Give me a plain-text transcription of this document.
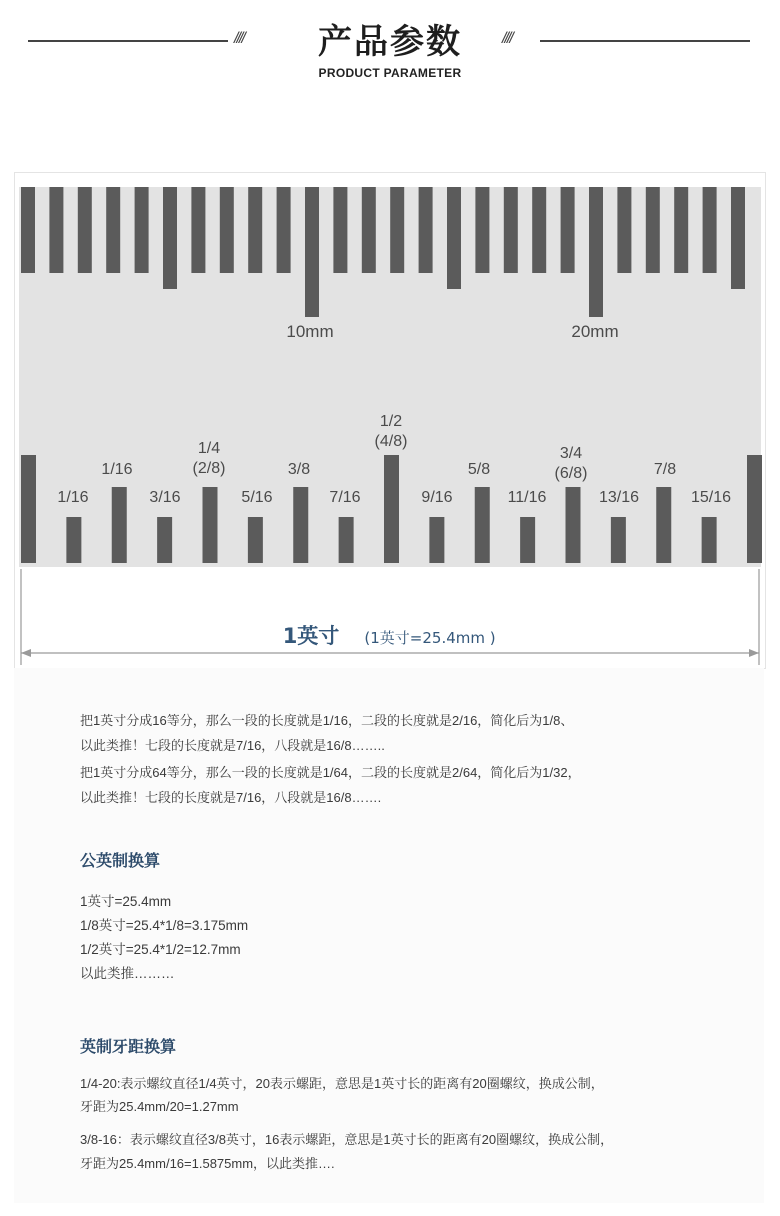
////	产品参数	////
PRODUCT PARAMETER
10mm	20mm
1/16
1/16
3/16
1/4
(2/8)
5/16
3/8
7/16
1/2
(4/8)
9/16
5/8
11/16
3/4
(6/8)
13/16
7/8
15/16
1英寸 (1英寸=25.4mm )
把1英寸分成16等分，那么一段的长度就是1/16，二段的长度就是2/16，简化后为1/8、
以此类推！七段的长度就是7/16，八段就是16/8……..
把1英寸分成64等分，那么一段的长度就是1/64，二段的长度就是2/64，简化后为1/32，
以此类推！七段的长度就是7/16，八段就是16/8…….
公英制换算
1英寸=25.4mm
1/8英寸=25.4*1/8=3.175mm
1/2英寸=25.4*1/2=12.7mm
以此类推………
英制牙距换算
1/4-20:表示螺纹直径1/4英寸，20表示螺距，意思是1英寸长的距离有20圈螺纹，换成公制，
牙距为25.4mm/20=1.27mm
3/8-16：表示螺纹直径3/8英寸，16表示螺距，意思是1英寸长的距离有20圈螺纹，换成公制，
牙距为25.4mm/16=1.5875mm，以此类推….
